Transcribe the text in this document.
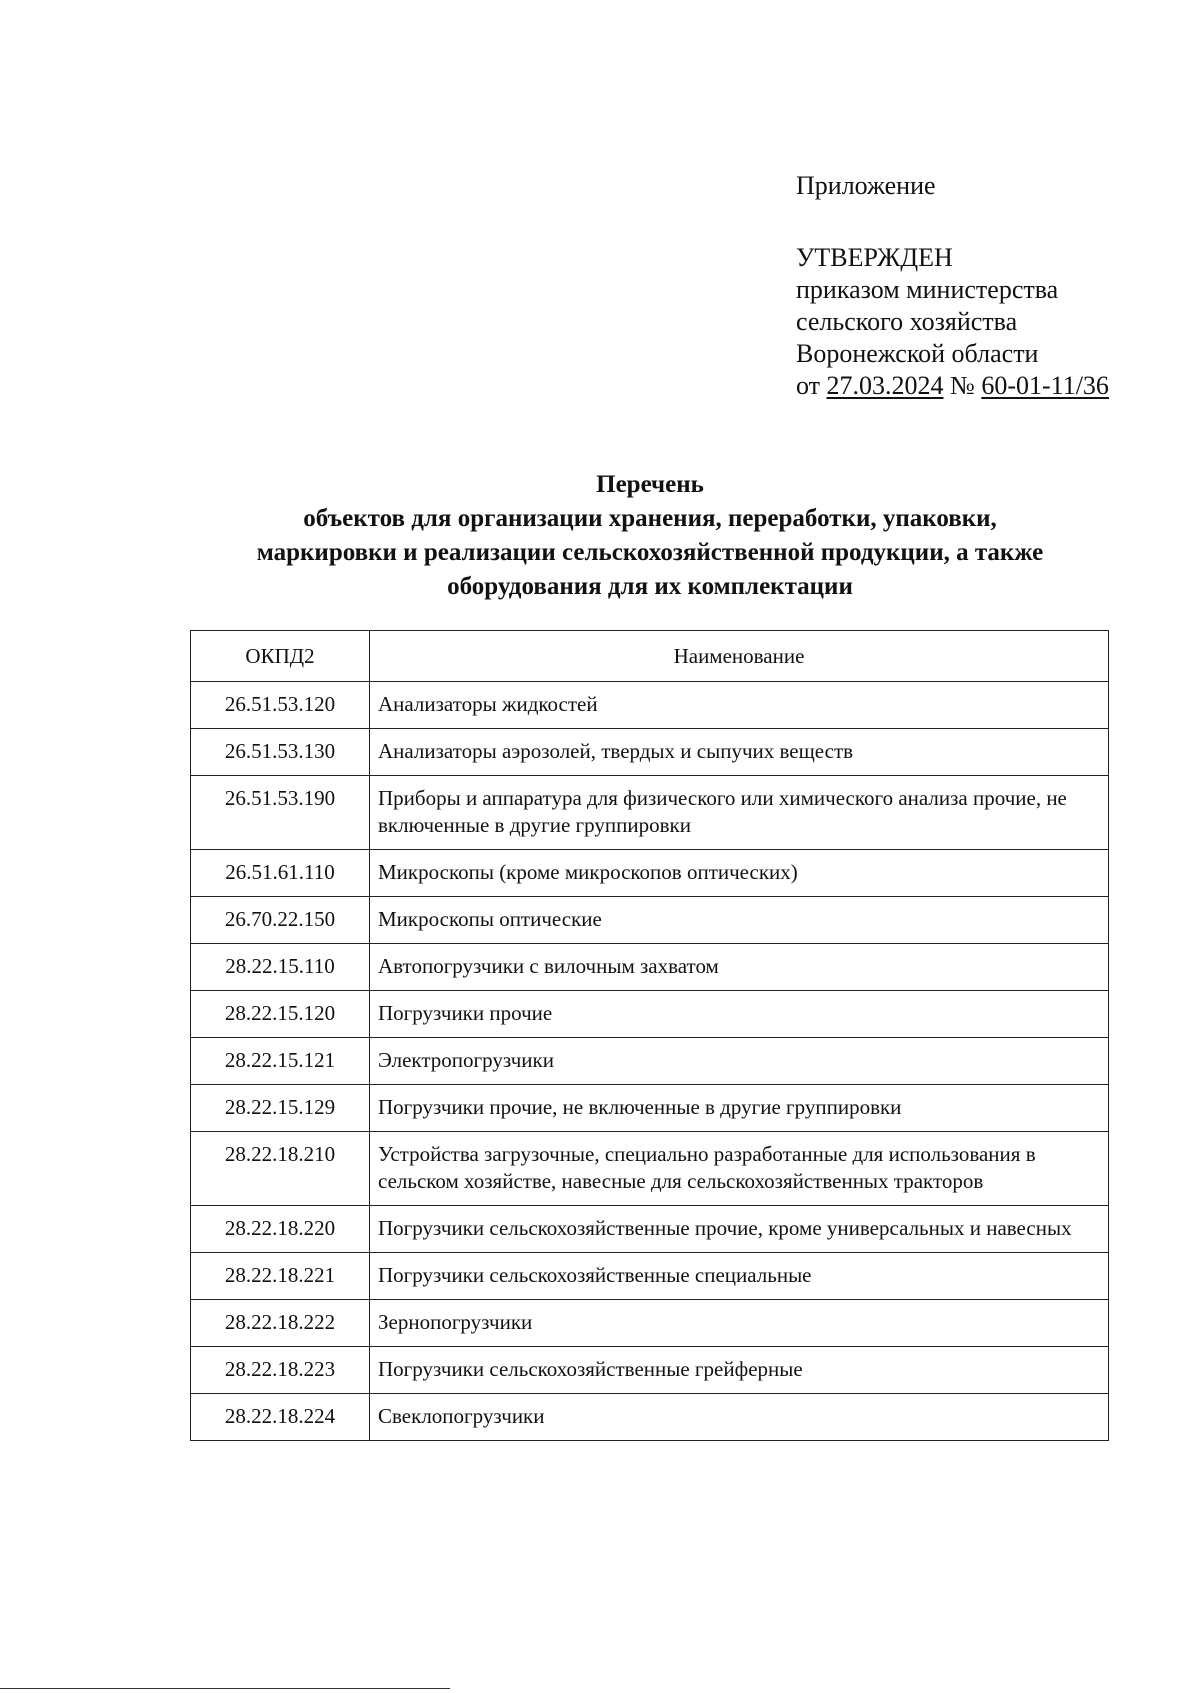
Приложение
УТВЕРЖДЕН
приказом министерства
сельского хозяйства
Воронежской области
от 27.03.2024 № 60-01-11/36
Перечень
объектов для организации хранения, переработки, упаковки,
маркировки и реализации сельскохозяйственной продукции, а также
оборудования для их комплектации
ОКПД2	Наименование
26.51.53.120	Анализаторы жидкостей
26.51.53.130	Анализаторы аэрозолей, твердых и сыпучих веществ
26.51.53.190	Приборы и аппаратура для физического или химического анализа прочие, не включенные в другие группировки
26.51.61.110	Микроскопы (кроме микроскопов оптических)
26.70.22.150	Микроскопы оптические
28.22.15.110	Автопогрузчики с вилочным захватом
28.22.15.120	Погрузчики прочие
28.22.15.121	Электропогрузчики
28.22.15.129	Погрузчики прочие, не включенные в другие группировки
28.22.18.210	Устройства загрузочные, специально разработанные для использования в сельском хозяйстве, навесные для сельскохозяйственных тракторов
28.22.18.220	Погрузчики сельскохозяйственные прочие, кроме универсальных и навесных
28.22.18.221	Погрузчики сельскохозяйственные специальные
28.22.18.222	Зернопогрузчики
28.22.18.223	Погрузчики сельскохозяйственные грейферные
28.22.18.224	Свеклопогрузчики
